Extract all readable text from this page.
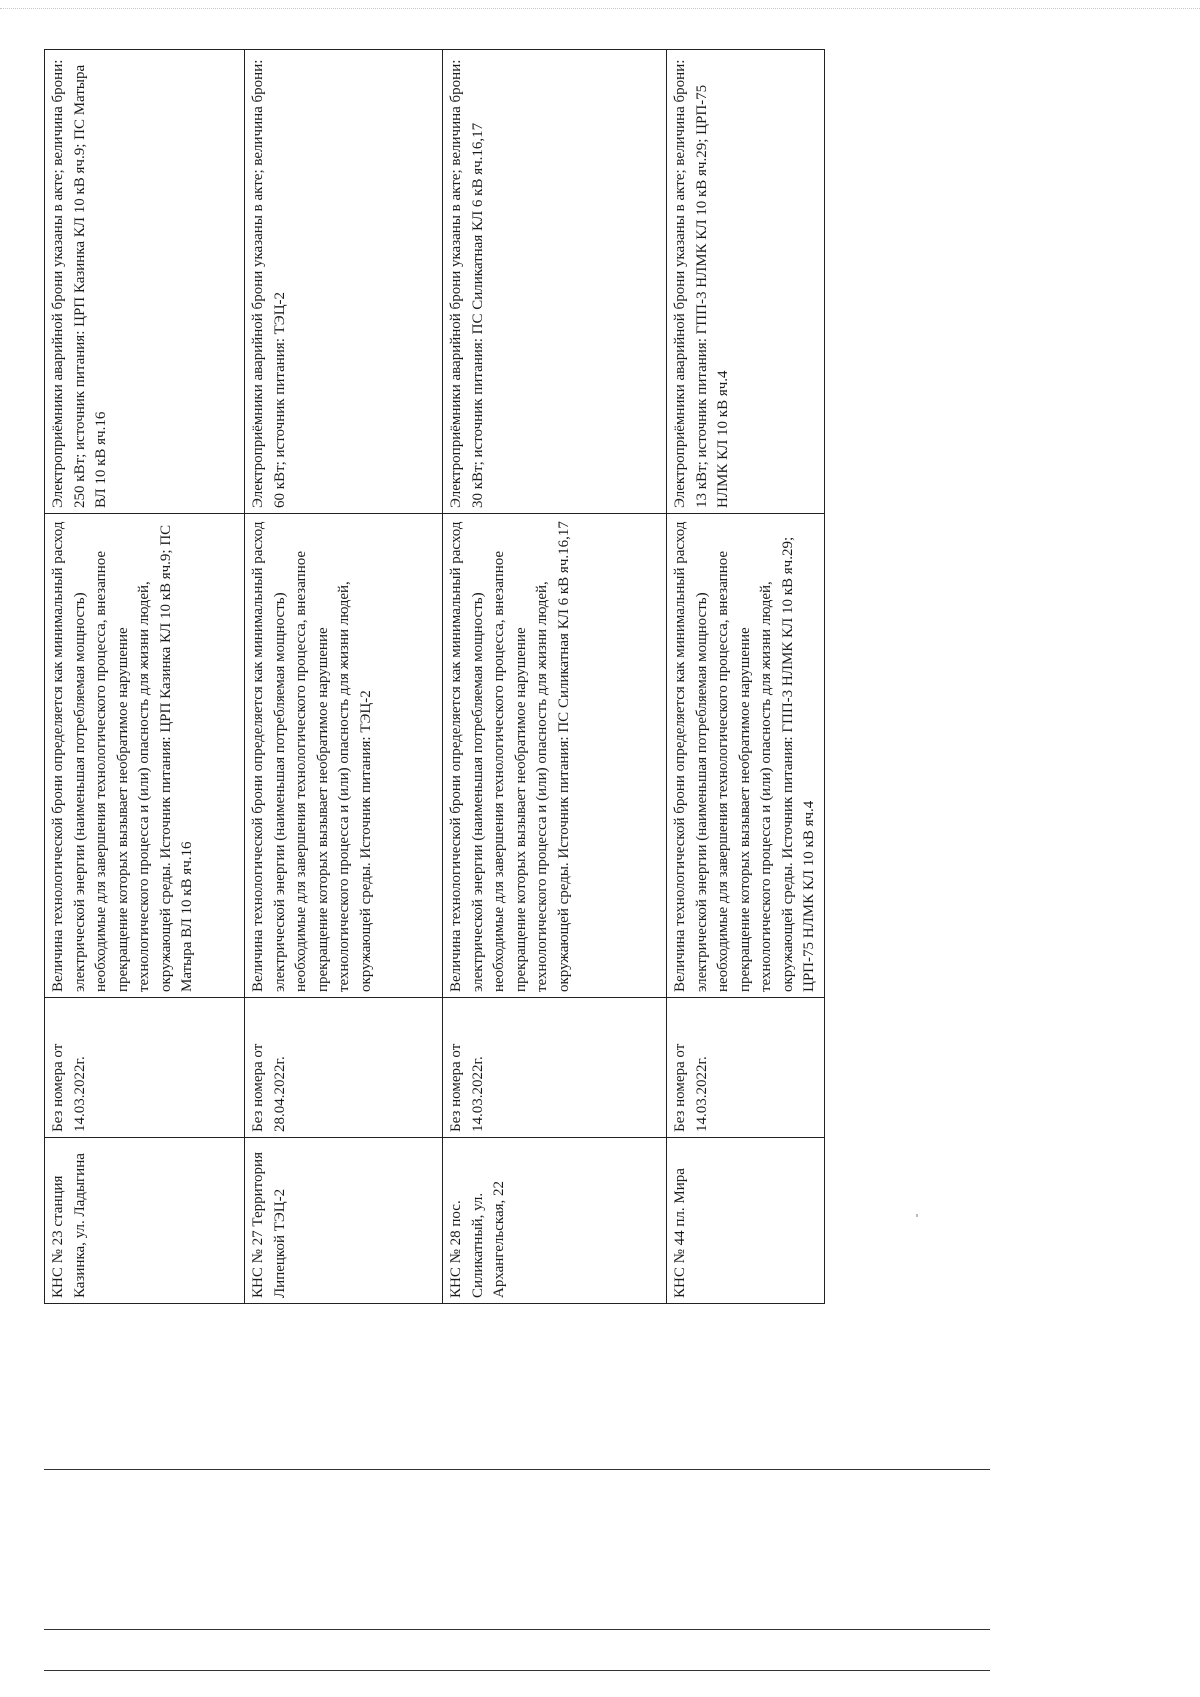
КНС № 23 станция Казинка, ул. Ладыгина	Без номера от 14.03.2022г.	Величина технологической брони определяется как минимальный расход электрической энергии (наименьшая потребляемая мощность) необходимые для завершения технологического процесса, внезапное прекращение которых вызывает необратимое нарушение технологического процесса и (или) опасность для жизни людей, окружающей среды. Источник питания: ЦРП Казинка КЛ 10 кВ яч.9; ПС Матыра ВЛ 10 кВ яч.16	Электроприёмники аварийной брони указаны в акте; величина брони: 250 кВт; источник питания: ЦРП Казинка КЛ 10 кВ яч.9; ПС Матыра ВЛ 10 кВ яч.16
КНС № 27 Территория Липецкой ТЭЦ-2	Без номера от 28.04.2022г.	Величина технологической брони определяется как минимальный расход электрической энергии (наименьшая потребляемая мощность) необходимые для завершения технологического процесса, внезапное прекращение которых вызывает необратимое нарушение технологического процесса и (или) опасность для жизни людей, окружающей среды. Источник питания: ТЭЦ-2	Электроприёмники аварийной брони указаны в акте; величина брони: 60 кВт; источник питания: ТЭЦ-2
КНС № 28 пос. Силикатный, ул. Архангельская, 22	Без номера от 14.03.2022г.	Величина технологической брони определяется как минимальный расход электрической энергии (наименьшая потребляемая мощность) необходимые для завершения технологического процесса, внезапное прекращение которых вызывает необратимое нарушение технологического процесса и (или) опасность для жизни людей, окружающей среды. Источник питания: ПС Силикатная КЛ 6 кВ яч.16,17	Электроприёмники аварийной брони указаны в акте; величина брони: 30 кВт; источник питания: ПС Силикатная КЛ 6 кВ яч.16,17
КНС № 44 пл. Мира	Без номера от 14.03.2022г.	Величина технологической брони определяется как минимальный расход электрической энергии (наименьшая потребляемая мощность) необходимые для завершения технологического процесса, внезапное прекращение которых вызывает необратимое нарушение технологического процесса и (или) опасность для жизни людей, окружающей среды. Источник питания: ГПП-3 НЛМК КЛ 10 кВ яч.29; ЦРП-75 НЛМК КЛ 10 кВ яч.4	Электроприёмники аварийной брони указаны в акте; величина брони: 13 кВт; источник питания: ГПП-3 НЛМК КЛ 10 кВ яч.29; ЦРП-75 НЛМК КЛ 10 кВ яч.4
